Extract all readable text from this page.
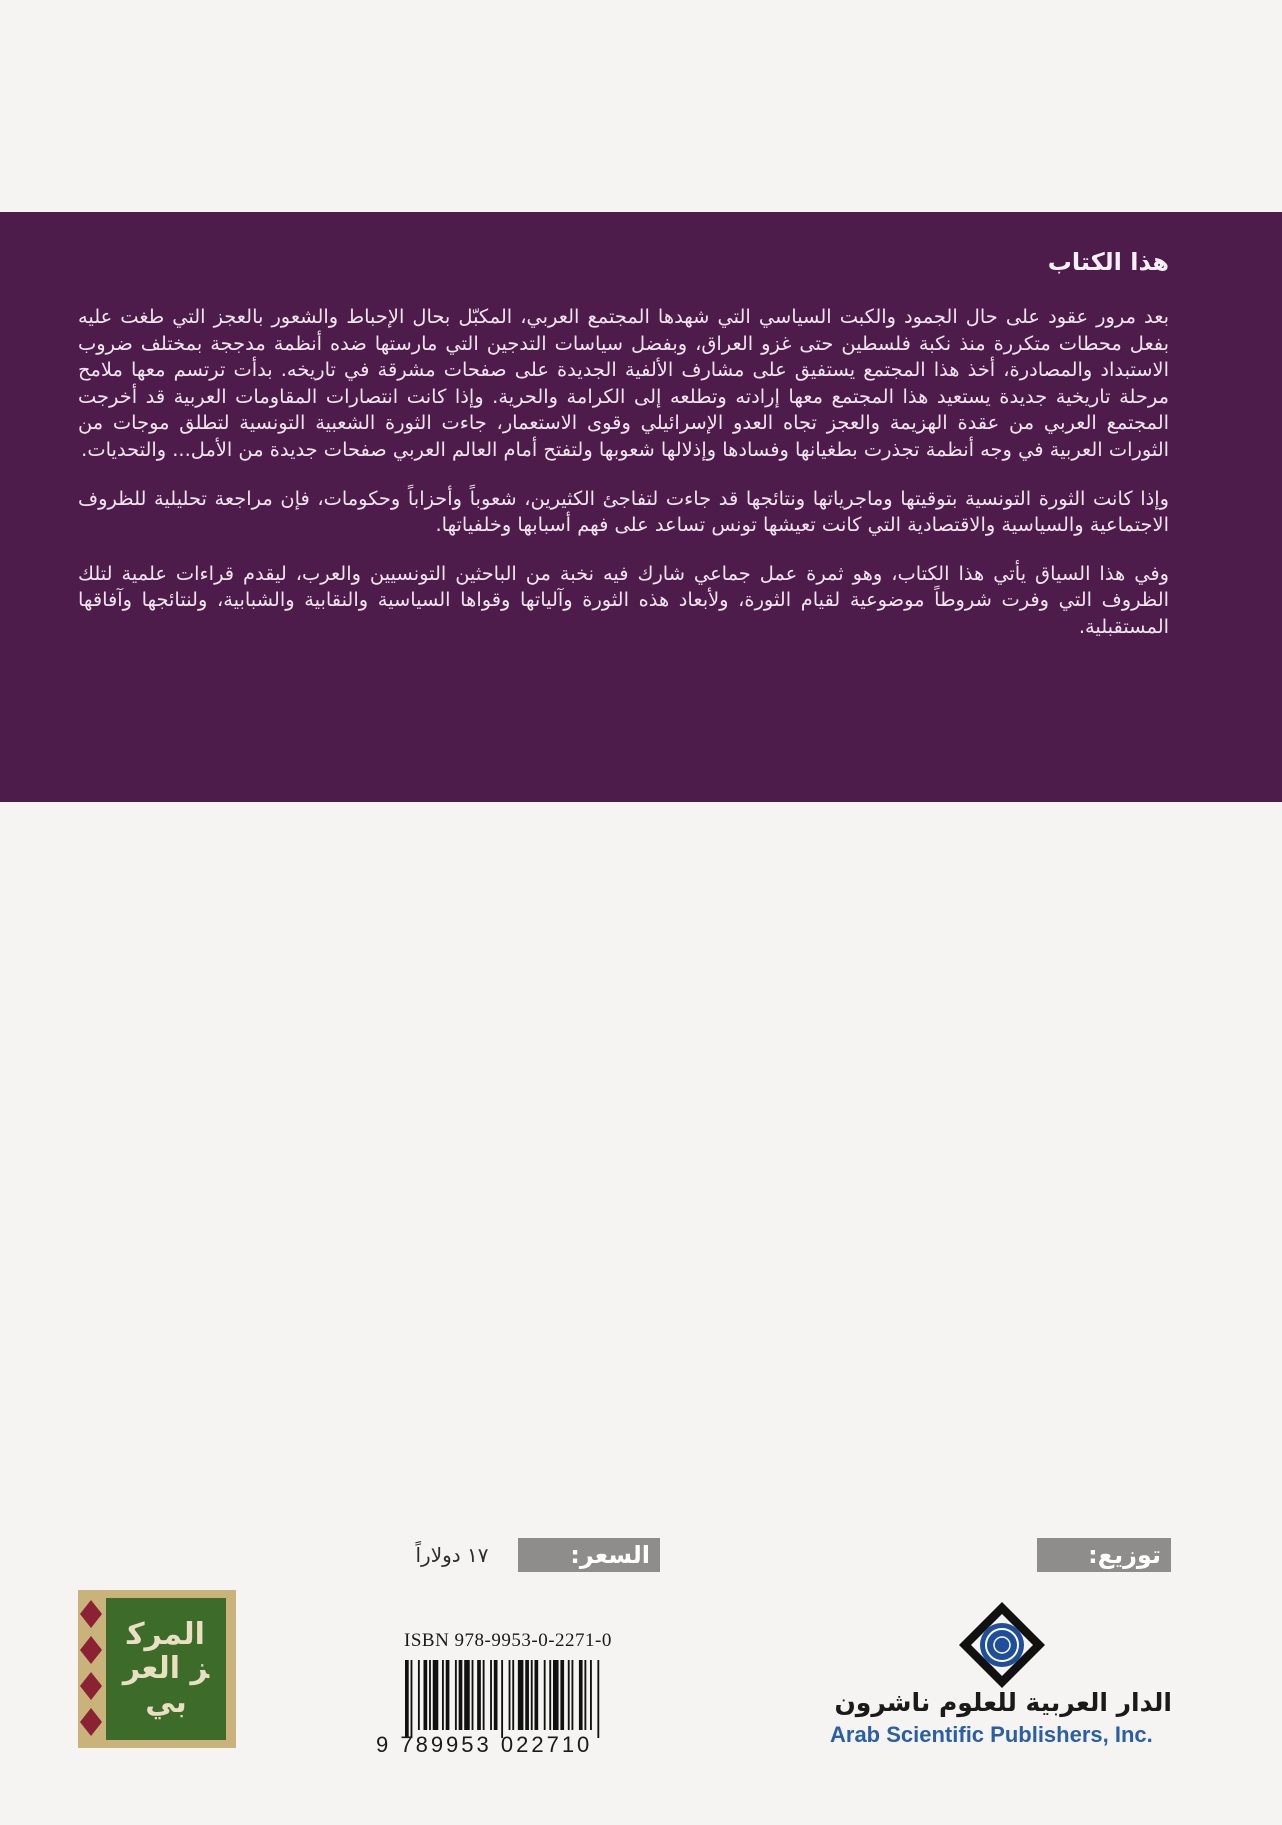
هذا الكتاب

بعد مرور عقود على حال الجمود والكبت السياسي التي شهدها المجتمع العربي، المكبّل بحال الإحباط والشعور بالعجز التي طغت عليه بفعل محطات متكررة منذ نكبة فلسطين حتى غزو العراق، وبفضل سياسات التدجين التي مارستها ضده أنظمة مدججة بمختلف ضروب الاستبداد والمصادرة، أخذ هذا المجتمع يستفيق على مشارف الألفية الجديدة على صفحات مشرقة في تاريخه. بدأت ترتسم معها ملامح مرحلة تاريخية جديدة يستعيد هذا المجتمع معها إرادته وتطلعه إلى الكرامة والحرية. وإذا كانت انتصارات المقاومات العربية قد أخرجت المجتمع العربي من عقدة الهزيمة والعجز تجاه العدو الإسرائيلي وقوى الاستعمار، جاءت الثورة الشعبية التونسية لتطلق موجات من الثورات العربية في وجه أنظمة تجذرت بطغيانها وفسادها وإذلالها شعوبها ولتفتح أمام العالم العربي صفحات جديدة من الأمل... والتحديات.

وإذا كانت الثورة التونسية بتوقيتها وماجرياتها ونتائجها قد جاءت لتفاجئ الكثيرين، شعوباً وأحزاباً وحكومات، فإن مراجعة تحليلية للظروف الاجتماعية والسياسية والاقتصادية التي كانت تعيشها تونس تساعد على فهم أسبابها وخلفياتها.

وفي هذا السياق يأتي هذا الكتاب، وهو ثمرة عمل جماعي شارك فيه نخبة من الباحثين التونسيين والعرب، ليقدم قراءات علمية لتلك الظروف التي وفرت شروطاً موضوعية لقيام الثورة، ولأبعاد هذه الثورة وآلياتها وقواها السياسية والنقابية والشبابية، ولنتائجها وآفاقها المستقبلية.

توزيع:
السعر:
١٧ دولاراً
الدار العربية للعلوم ناشرون
Arab Scientific Publishers, Inc.
ISBN 978-9953-0-2271-0
9 789953 022710
المركز العربي
